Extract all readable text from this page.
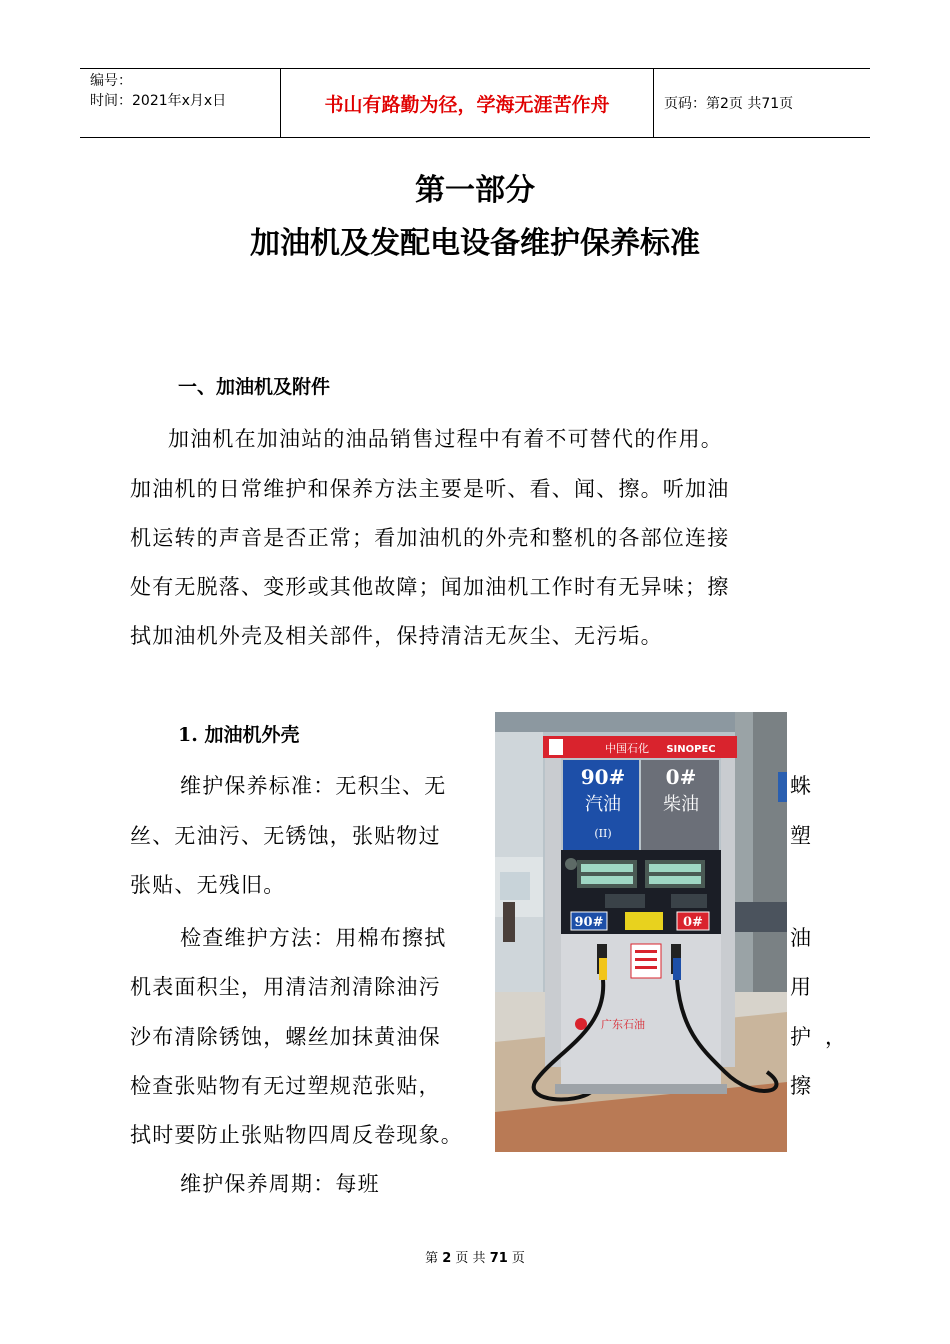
编号：
时间：2021年x月x日	书山有路勤为径，学海无涯苦作舟	页码：第2页 共71页
第一部分
加油机及发配电设备维护保养标准
一、加油机及附件
加油机在加油站的油品销售过程中有着不可替代的作用。
加油机的日常维护和保养方法主要是听、看、闻、擦。听加油
机运转的声音是否正常；看加油机的外壳和整机的各部位连接
处有无脱落、变形或其他故障；闻加油机工作时有无异味；擦
拭加油机外壳及相关部件，保持清洁无灰尘、无污垢。
1. 加油机外壳
维护保养标准：无积尘、无	蛛
丝、无油污、无锈蚀，张贴物过	塑
张贴、无残旧。
检查维护方法：用棉布擦拭	油
机表面积尘，用清洁剂清除油污	用
沙布清除锈蚀，螺丝加抹黄油保	护，
检查张贴物有无过塑规范张贴，	擦
拭时要防止张贴物四周反卷现象。
维护保养周期：每班
中国石化 SINOPEC
90#
汽油
(II)
0#
柴油
90#	0#
广东石油
第 2 页 共 71 页
